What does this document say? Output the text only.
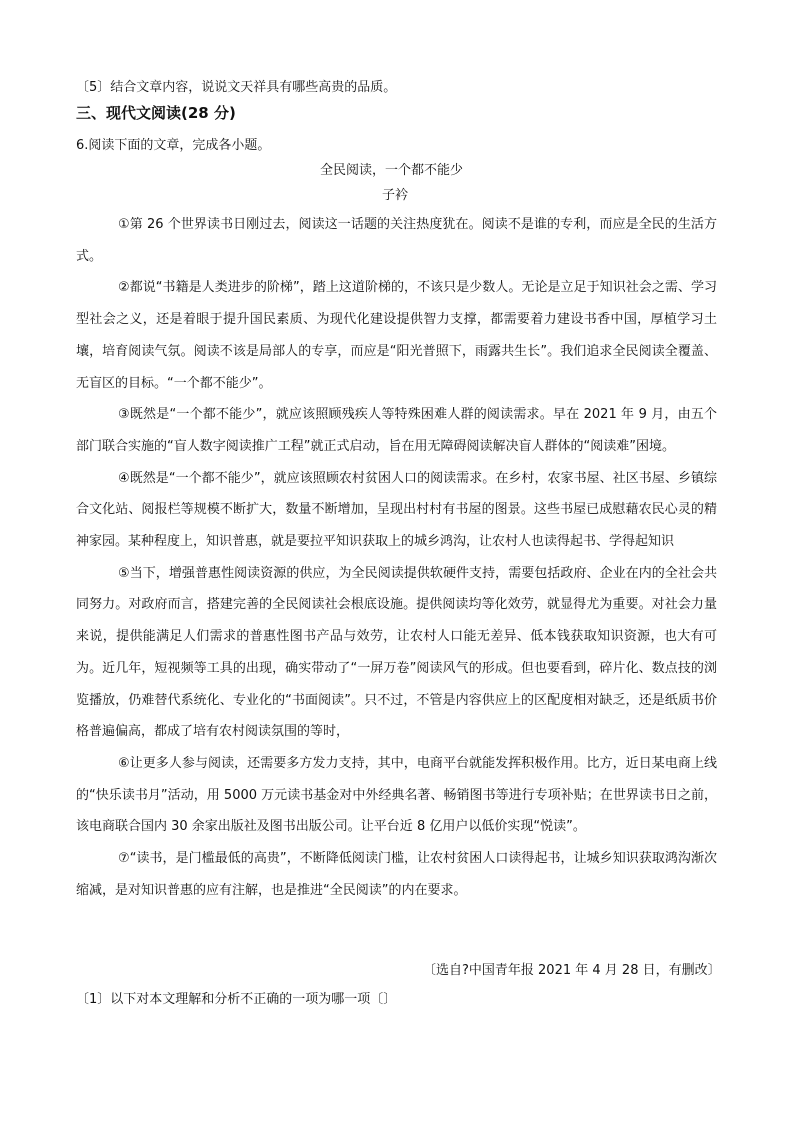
〔5〕结合文章内容，说说文天祥具有哪些高贵的品质。
三、现代文阅读(28 分)
6.阅读下面的文章，完成各小题。
全民阅读，一个都不能少
子衿

①第 26 个世界读书日刚过去，阅读这一话题的关注热度犹在。阅读不是谁的专利，而应是全民的生活方式。

②都说“书籍是人类进步的阶梯”，踏上这道阶梯的，不该只是少数人。无论是立足于知识社会之需、学习型社会之义，还是着眼于提升国民素质、为现代化建设提供智力支撑，都需要着力建设书香中国，厚植学习土壤，培育阅读气氛。阅读不该是局部人的专享，而应是“阳光普照下，雨露共生长”。我们追求全民阅读全覆盖、无盲区的目标。“一个都不能少”。

③既然是“一个都不能少”，就应该照顾残疾人等特殊困难人群的阅读需求。早在 2021 年 9 月，由五个部门联合实施的“盲人数字阅读推广工程”就正式启动，旨在用无障碍阅读解决盲人群体的“阅读难”困境。

④既然是“一个都不能少”，就应该照顾农村贫困人口的阅读需求。在乡村，农家书屋、社区书屋、乡镇综合文化站、阅报栏等规模不断扩大，数量不断增加，呈现出村村有书屋的图景。这些书屋已成慰藉农民心灵的精神家园。某种程度上，知识普惠，就是要拉平知识获取上的城乡鸿沟，让农村人也读得起书、学得起知识

⑤当下，增强普惠性阅读资源的供应，为全民阅读提供软硬件支持，需要包括政府、企业在内的全社会共同努力。对政府而言，搭建完善的全民阅读社会根底设施。提供阅读均等化效劳，就显得尤为重要。对社会力量来说，提供能满足人们需求的普惠性图书产品与效劳，让农村人口能无差异、低本钱获取知识资源，也大有可为。近几年，短视频等工具的出现，确实带动了“一屏万卷”阅读风气的形成。但也要看到，碎片化、数点技的浏览播放，仍难替代系统化、专业化的“书面阅读”。只不过，不管是内容供应上的区配度相对缺乏，还是纸质书价格普遍偏高，都成了培有农村阅读氛围的等时，

⑥让更多人参与阅读，还需要多方发力支持，其中，电商平台就能发挥积极作用。比方，近日某电商上线的“快乐读书月”活动，用 5000 万元读书基金对中外经典名著、畅销图书等进行专项补贴；在世界读书日之前，该电商联合国内 30 余家出版社及图书出版公司。让平台近 8 亿用户以低价实现“悦读”。

⑦“读书，是门槛最低的高贵”，不断降低阅读门槛，让农村贫困人口读得起书，让城乡知识获取鸿沟渐次缩减，是对知识普惠的应有注解，也是推进“全民阅读”的内在要求。

〔选自?中国青年报 2021 年 4 月 28 日，有删改〕
〔1〕以下对本文理解和分析不正确的一项为哪一项〔〕
